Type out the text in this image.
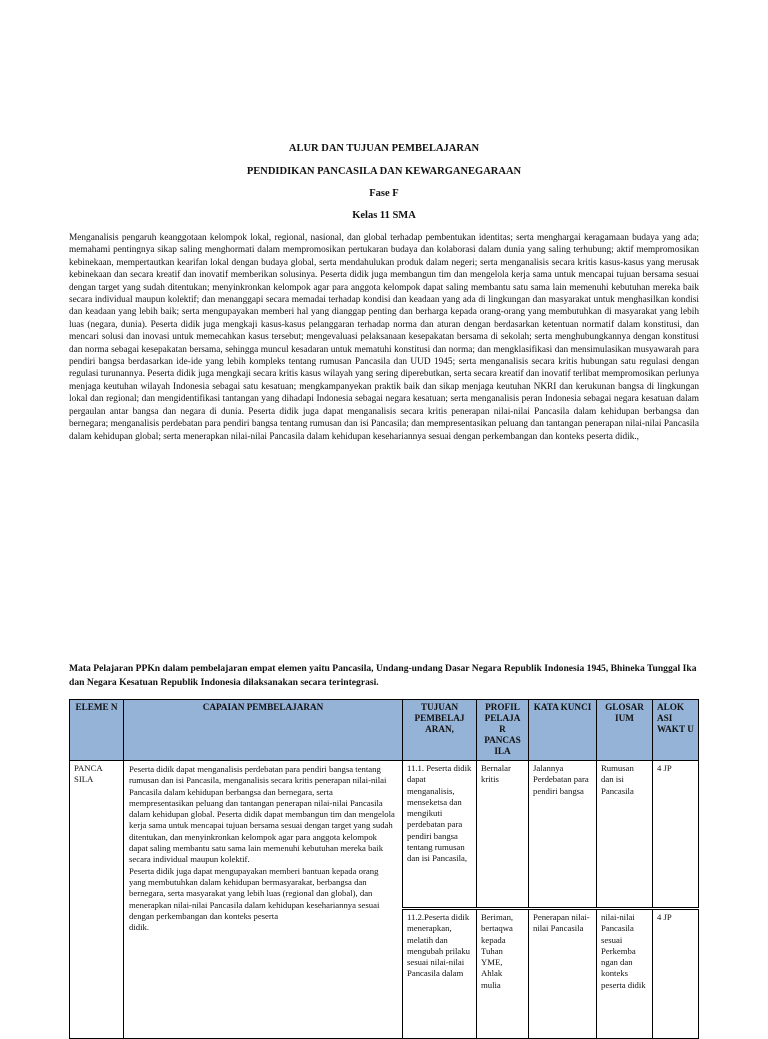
ALUR DAN TUJUAN PEMBELAJARAN
PENDIDIKAN PANCASILA DAN KEWARGANEGARAAN
Fase F
Kelas 11 SMA
Menganalisis pengaruh keanggotaan kelompok lokal, regional, nasional, dan global terhadap pembentukan identitas; serta menghargai keragamaan budaya yang ada; memahami pentingnya sikap saling menghormati dalam mempromosikan pertukaran budaya dan kolaborasi dalam dunia yang saling terhubung; aktif mempromosikan kebinekaan, mempertautkan kearifan lokal dengan budaya global, serta mendahulukan produk dalam negeri; serta menganalisis secara kritis kasus-kasus yang merusak kebinekaan dan secara kreatif dan inovatif memberikan solusinya. Peserta didik juga membangun tim dan mengelola kerja sama untuk mencapai tujuan bersama sesuai dengan target yang sudah ditentukan; menyinkronkan kelompok agar para anggota kelompok dapat saling membantu satu sama lain memenuhi kebutuhan mereka baik secara individual maupun kolektif; dan menanggapi secara memadai terhadap kondisi dan keadaan yang ada di lingkungan dan masyarakat untuk menghasilkan kondisi dan keadaan yang lebih baik; serta mengupayakan memberi hal yang dianggap penting dan berharga kepada orang-orang yang membutuhkan di masyarakat yang lebih luas (negara, dunia). Peserta didik juga mengkaji kasus-kasus pelanggaran terhadap norma dan aturan dengan berdasarkan ketentuan normatif dalam konstitusi, dan mencari solusi dan inovasi untuk memecahkan kasus tersebut; mengevaluasi pelaksanaan kesepakatan bersama di sekolah; serta menghubungkannya dengan konstitusi dan norma sebagai kesepakatan bersama, sehingga muncul kesadaran untuk mematuhi konstitusi dan norma; dan mengklasifikasi dan mensimulasikan musyawarah para pendiri bangsa berdasarkan ide-ide yang lebih kompleks tentang rumusan Pancasila dan UUD 1945; serta menganalisis secara kritis hubungan satu regulasi dengan regulasi turunannya. Peserta didik juga mengkaji secara kritis kasus wilayah yang sering diperebutkan, serta secara kreatif dan inovatif terlibat mempromosikan perlunya menjaga keutuhan wilayah Indonesia sebagai satu kesatuan; mengkampanyekan praktik baik dan sikap menjaga keutuhan NKRI dan kerukunan bangsa di lingkungan lokal dan regional; dan mengidentifikasi tantangan yang dihadapi Indonesia sebagai negara kesatuan; serta menganalisis peran Indonesia sebagai negara kesatuan dalam pergaulan antar bangsa dan negara di dunia. Peserta didik juga dapat menganalisis secara kritis penerapan nilai-nilai Pancasila dalam kehidupan berbangsa dan bernegara; menganalisis perdebatan para pendiri bangsa tentang rumusan dan isi Pancasila; dan mempresentasikan peluang dan tantangan penerapan nilai-nilai Pancasila dalam kehidupan global; serta menerapkan nilai-nilai Pancasila dalam kehidupan kesehariannya sesuai dengan perkembangan dan konteks peserta didik.,
Mata Pelajaran PPKn dalam pembelajaran empat elemen yaitu Pancasila, Undang-undang Dasar Negara Republik Indonesia 1945, Bhineka Tunggal Ika dan Negara Kesatuan Republik Indonesia dilaksanakan secara terintegrasi.
ELEME N	CAPAIAN PEMBELAJARAN	TUJUAN PEMBELAJ ARAN,	PROFIL PELAJA R PANCAS ILA	KATA KUNCI	GLOSAR IUM	ALOK ASI WAKT U
PANCA SILA	Peserta didik dapat menganalisis perdebatan para pendiri bangsa tentang rumusan dan isi Pancasila, menganalisis secara kritis penerapan nilai-nilai Pancasila dalam kehidupan berbangsa dan bernegara, serta mempresentasikan peluang dan tantangan penerapan nilai-nilai Pancasila dalam kehidupan global. Peserta didik dapat membangun tim dan mengelola kerja sama untuk mencapai tujuan bersama sesuai dengan target yang sudah ditentukan, dan menyinkronkan kelompok agar para anggota kelompok dapat saling membantu satu sama lain memenuhi kebutuhan mereka baik secara individual maupun kolektif.
Peserta didik juga dapat mengupayakan memberi bantuan kepada orang yang membutuhkan dalam kehidupan bermasyarakat, berbangsa dan bernegara, serta masyarakat yang lebih luas (regional dan global), dan menerapkan nilai-nilai Pancasila dalam kehidupan kesehariannya sesuai dengan perkembangan dan konteks peserta
didik.	11.1. Peserta didik dapat menganalisis, menseketsa dan mengikuti perdebatan para pendiri bangsa tentang rumusan dan isi Pancasila,	Bernalar kritis	Jalannya Perdebatan para pendiri bangsa	Rumusan dan isi Pancasila	4 JP
		11.2.Peserta didik menerapkan, melatih dan mengubah prilaku sesuai nilai-nilai Pancasila dalam	Beriman, bertaqwa kepada Tuhan YME, Ahlak mulia	Penerapan nilai-nilai Pancasila	nilai-nilai Pancasila sesuai Perkemba ngan dan konteks peserta didik	4 JP
